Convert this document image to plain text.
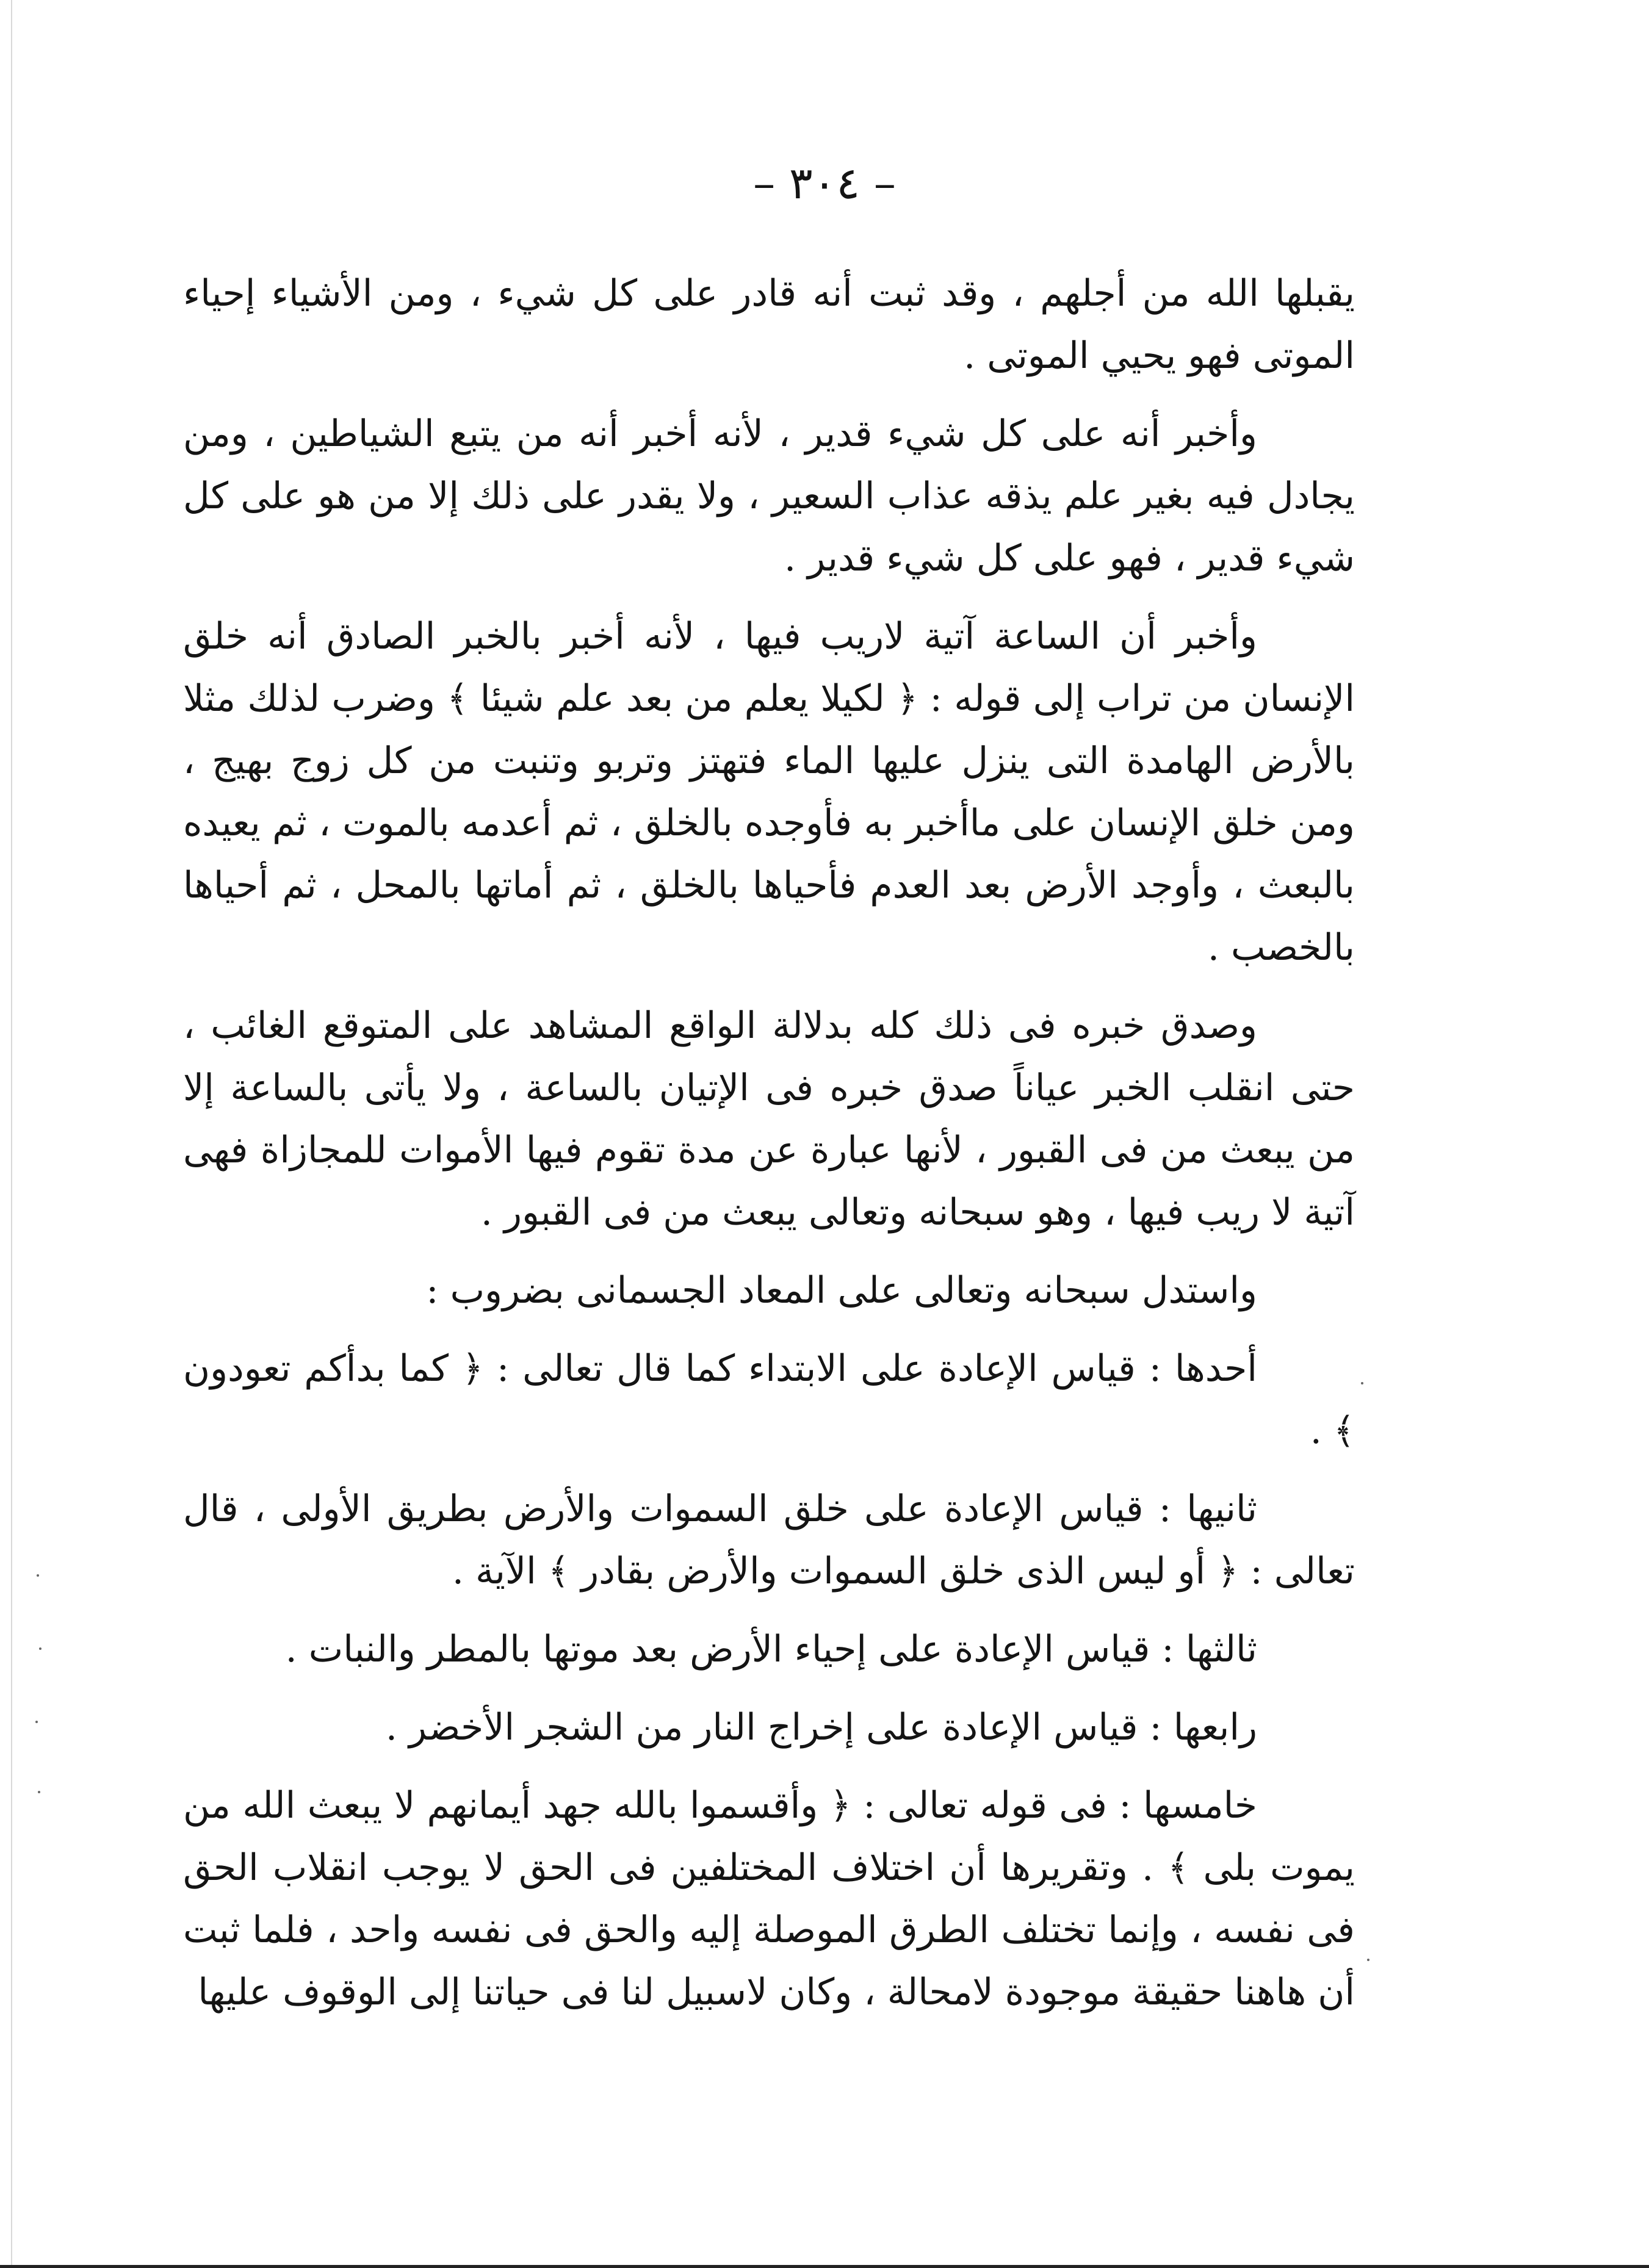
– ٣٠٤ –

يقبلها الله من أجلهم ، وقد ثبت أنه قادر على كل شيء ، ومن الأشياء إحياء الموتى فهو يحيي الموتى .

وأخبر أنه على كل شيء قدير ، لأنه أخبر أنه من يتبع الشياطين ، ومن يجادل فيه بغير علم يذقه عذاب السعير ، ولا يقدر على ذلك إلا من هو على كل شيء قدير ، فهو على كل شيء قدير .

وأخبر أن الساعة آتية لاريب فيها ، لأنه أخبر بالخبر الصادق أنه خلق الإنسان من تراب إلى قوله : ﴿ لكيلا يعلم من بعد علم شيئا ﴾ وضرب لذلك مثلا بالأرض الهامدة التى ينزل عليها الماء فتهتز وتربو وتنبت من كل زوج بهيج ، ومن خلق الإنسان على ماأخبر به فأوجده بالخلق ، ثم أعدمه بالموت ، ثم يعيده بالبعث ، وأوجد الأرض بعد العدم فأحياها بالخلق ، ثم أماتها بالمحل ، ثم أحياها بالخصب .

وصدق خبره فى ذلك كله بدلالة الواقع المشاهد على المتوقع الغائب ، حتى انقلب الخبر عياناً صدق خبره فى الإتيان بالساعة ، ولا يأتى بالساعة إلا من يبعث من فى القبور ، لأنها عبارة عن مدة تقوم فيها الأموات للمجازاة فهى آتية لا ريب فيها ، وهو سبحانه وتعالى يبعث من فى القبور .

واستدل سبحانه وتعالى على المعاد الجسمانى بضروب :

أحدها : قياس الإعادة على الابتداء كما قال تعالى : ﴿ كما بدأكم تعودون ﴾ .

ثانيها : قياس الإعادة على خلق السموات والأرض بطريق الأولى ، قال تعالى : ﴿ أو ليس الذى خلق السموات والأرض بقادر ﴾ الآية .

ثالثها : قياس الإعادة على إحياء الأرض بعد موتها بالمطر والنبات .

رابعها : قياس الإعادة على إخراج النار من الشجر الأخضر .

خامسها : فى قوله تعالى : ﴿ وأقسموا بالله جهد أيمانهم لا يبعث الله من يموت بلى ﴾ . وتقريرها أن اختلاف المختلفين فى الحق لا يوجب انقلاب الحق فى نفسه ، وإنما تختلف الطرق الموصلة إليه والحق فى نفسه واحد ، فلما ثبت أن هاهنا حقيقة موجودة لامحالة ، وكان لاسبيل لنا فى حياتنا إلى الوقوف عليها
